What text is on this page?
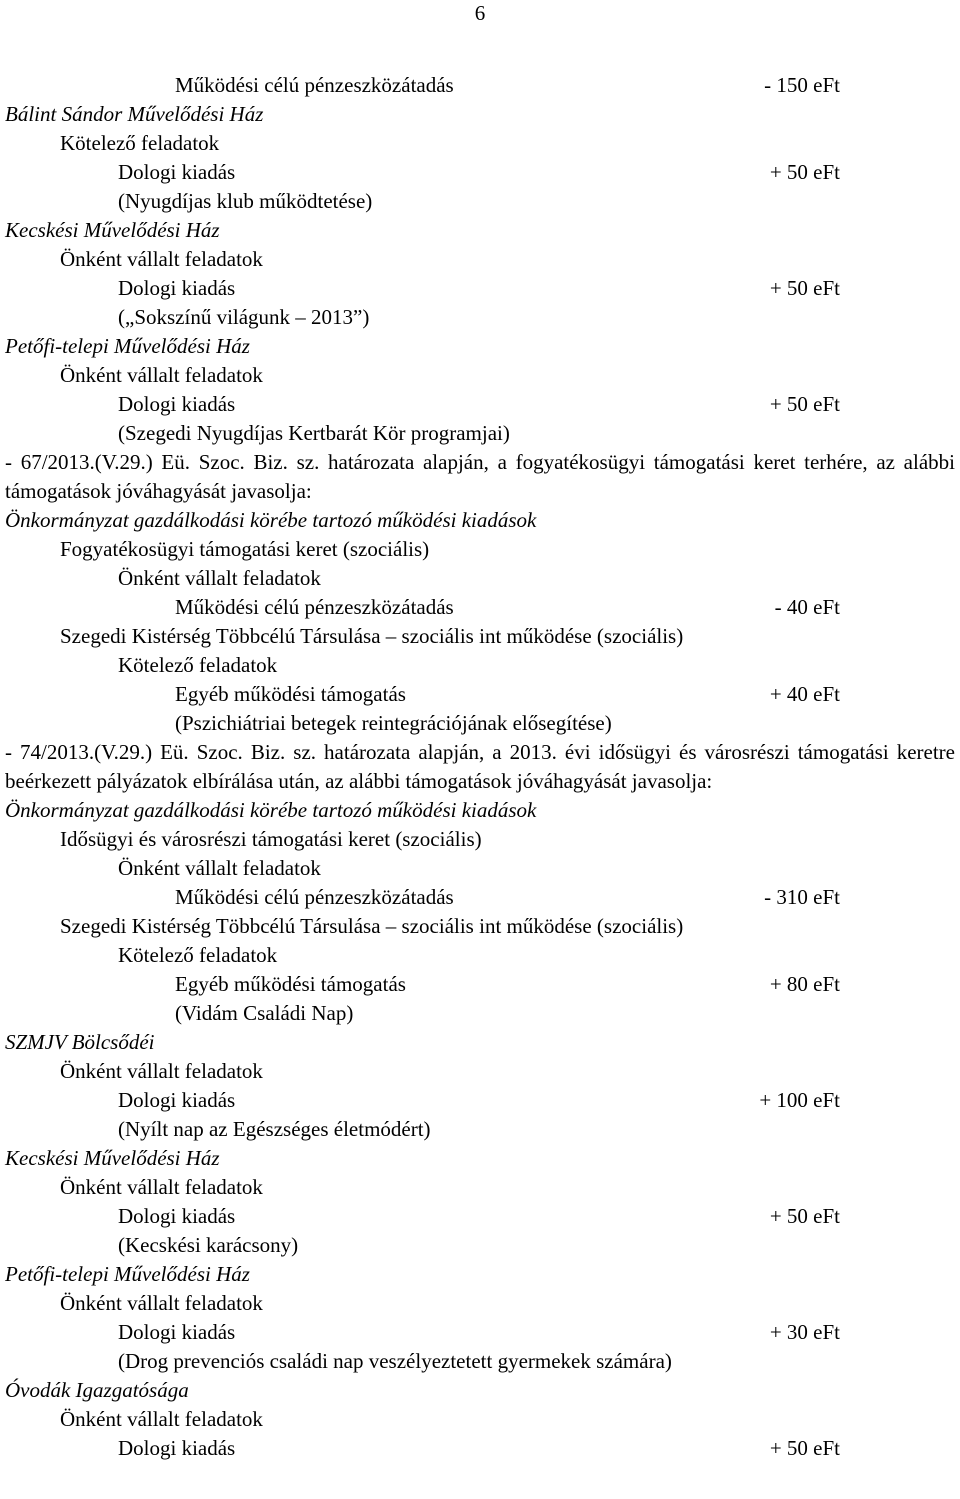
6
Működési célú pénzeszközátadás	- 150 eFt
Bálint Sándor Művelődési Ház
Kötelező feladatok
Dologi kiadás	+ 50 eFt
(Nyugdíjas klub működtetése)
Kecskési Művelődési Ház
Önként vállalt feladatok
Dologi kiadás	+ 50 eFt
(„Sokszínű világunk – 2013”)
Petőfi-telepi Művelődési Ház
Önként vállalt feladatok
Dologi kiadás	+ 50 eFt
(Szegedi Nyugdíjas Kertbarát Kör programjai)
- 67/2013.(V.29.) Eü. Szoc. Biz. sz. határozata alapján, a fogyatékosügyi támogatási keret terhére, az alábbi támogatások jóváhagyását javasolja:
Önkormányzat gazdálkodási körébe tartozó működési kiadások
Fogyatékosügyi támogatási keret (szociális)
Önként vállalt feladatok
Működési célú pénzeszközátadás	- 40 eFt
Szegedi Kistérség Többcélú Társulása – szociális int működése (szociális)
Kötelező feladatok
Egyéb működési támogatás	+ 40 eFt
(Pszichiátriai betegek reintegrációjának elősegítése)
- 74/2013.(V.29.) Eü. Szoc. Biz. sz. határozata alapján, a 2013. évi idősügyi és városrészi támogatási keretre beérkezett pályázatok elbírálása után, az alábbi támogatások jóváhagyását javasolja:
Önkormányzat gazdálkodási körébe tartozó működési kiadások
Idősügyi és városrészi támogatási keret (szociális)
Önként vállalt feladatok
Működési célú pénzeszközátadás	- 310 eFt
Szegedi Kistérség Többcélú Társulása – szociális int működése (szociális)
Kötelező feladatok
Egyéb működési támogatás	+ 80 eFt
(Vidám Családi Nap)
SZMJV Bölcsődéi
Önként vállalt feladatok
Dologi kiadás	+ 100 eFt
(Nyílt nap az Egészséges életmódért)
Kecskési Művelődési Ház
Önként vállalt feladatok
Dologi kiadás	+ 50 eFt
(Kecskési karácsony)
Petőfi-telepi Művelődési Ház
Önként vállalt feladatok
Dologi kiadás	+ 30 eFt
(Drog prevenciós családi nap veszélyeztetett gyermekek számára)
Óvodák Igazgatósága
Önként vállalt feladatok
Dologi kiadás	+ 50 eFt
